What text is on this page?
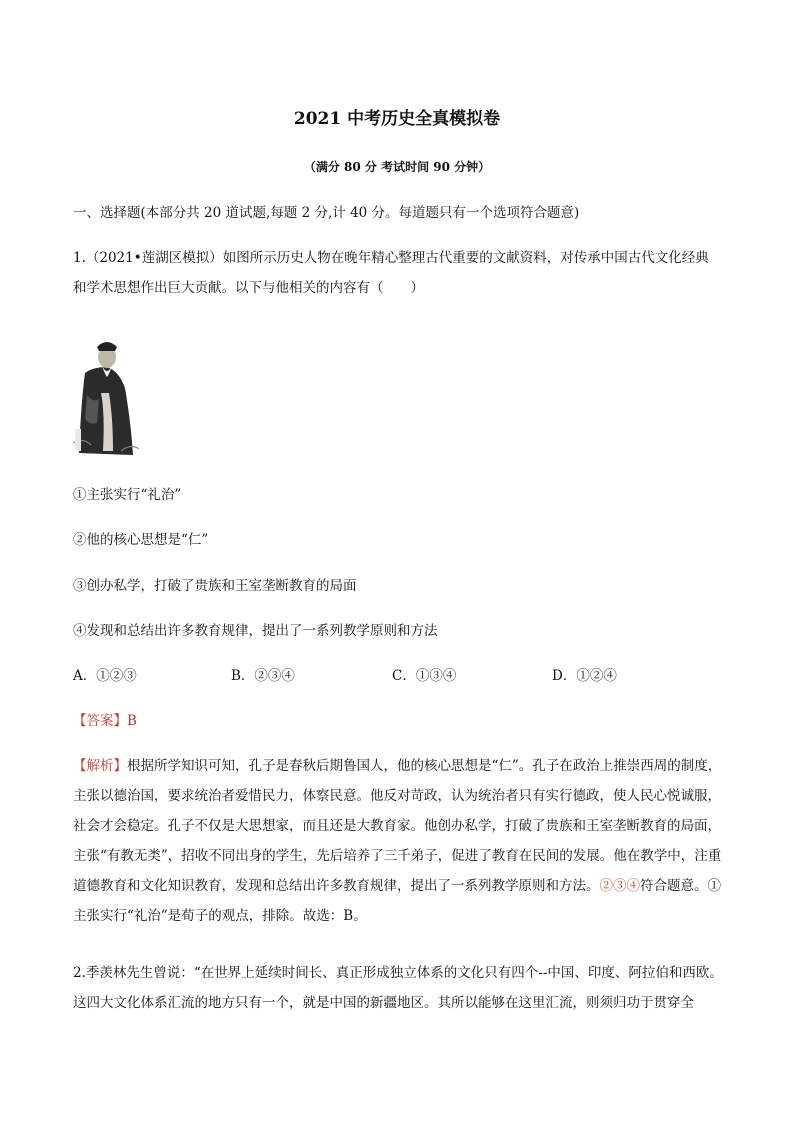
2021 中考历史全真模拟卷
（满分 80 分 考试时间 90 分钟）
一、选择题(本部分共 20 道试题,每题 2 分,计 40 分。每道题只有一个选项符合题意)
1.（2021•莲湖区模拟）如图所示历史人物在晚年精心整理古代重要的文献资料，对传承中国古代文化经典
和学术思想作出巨大贡献。以下与他相关的内容有（　　）
①主张实行“礼治”
②他的核心思想是“仁”
③创办私学，打破了贵族和王室垄断教育的局面
④发现和总结出许多教育规律，提出了一系列教学原则和方法
A．①②③	B．②③④	C．①③④	D．①②④
【答案】B
【解析】根据所学知识可知，孔子是春秋后期鲁国人，他的核心思想是“仁”。孔子在政治上推崇西周的制度，主张以德治国，要求统治者爱惜民力，体察民意。他反对苛政，认为统治者只有实行德政，使人民心悦诚服，社会才会稳定。孔子不仅是大思想家，而且还是大教育家。他创办私学，打破了贵族和王室垄断教育的局面，主张“有教无类”，招收不同出身的学生，先后培养了三千弟子，促进了教育在民间的发展。他在教学中，注重道德教育和文化知识教育，发现和总结出许多教育规律，提出了一系列教学原则和方法。②③④符合题意。①主张实行“礼治”是荀子的观点，排除。故选：B。
2.季羡林先生曾说：“在世界上延续时间长、真正形成独立体系的文化只有四个--中国、印度、阿拉伯和西欧。这四大文化体系汇流的地方只有一个，就是中国的新疆地区。其所以能够在这里汇流，则须归功于贯穿全
